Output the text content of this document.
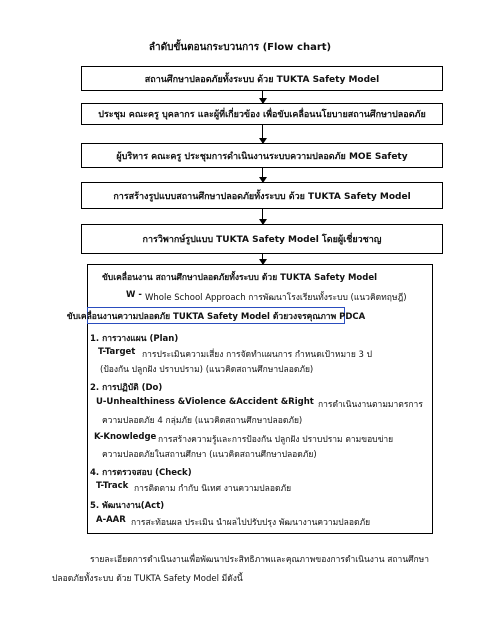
ลำดับขั้นตอนกระบวนการ (Flow chart)
สถานศึกษาปลอดภัยทั้งระบบ ด้วย TUKTA Safety Model
ประชุม คณะครู บุคลากร และผู้ที่เกี่ยวข้อง เพื่อขับเคลื่อนนโยบายสถานศึกษาปลอดภัย
ผู้บริหาร คณะครู ประชุมการดำเนินงานระบบความปลอดภัย MOE Safety
การสร้างรูปแบบสถานศึกษาปลอดภัยทั้งระบบ ด้วย TUKTA Safety Model
การวิพากษ์รูปแบบ TUKTA Safety Model โดยผู้เชี่ยวชาญ
ขับเคลื่อนงาน สถานศึกษาปลอดภัยทั้งระบบ ด้วย TUKTA Safety Model
W - Whole School Approach การพัฒนาโรงเรียนทั้งระบบ (แนวคิดทฤษฎี)
ขับเคลื่อนงานความปลอดภัย TUKTA Safety Model ด้วยวงจรคุณภาพ PDCA
1. การวางแผน (Plan)
T-Target การประเมินความเสี่ยง การจัดทำแผนการ กำหนดเป้าหมาย 3 ป
(ป้องกัน ปลูกฝัง ปราบปราม) (แนวคิดสถานศึกษาปลอดภัย)
2. การปฏิบัติ (Do)
U-Unhealthiness &Violence &Accident &Right การดำเนินงานตามมาตรการ
ความปลอดภัย 4 กลุ่มภัย (แนวคิดสถานศึกษาปลอดภัย)
K-Knowledge การสร้างความรู้และการป้องกัน ปลูกฝัง ปราบปราม ตามขอบข่าย
ความปลอดภัยในสถานศึกษา (แนวคิดสถานศึกษาปลอดภัย)
4. การตรวจสอบ (Check)
T-Track การติดตาม กำกับ นิเทศ งานความปลอดภัย
5. พัฒนางาน(Act)
A-AAR การสะท้อนผล ประเมิน นำผลไปปรับปรุง พัฒนางานความปลอดภัย
รายละเอียดการดำเนินงานเพื่อพัฒนาประสิทธิภาพและคุณภาพของการดำเนินงาน สถานศึกษา
ปลอดภัยทั้งระบบ ด้วย TUKTA Safety Model มีดังนี้
